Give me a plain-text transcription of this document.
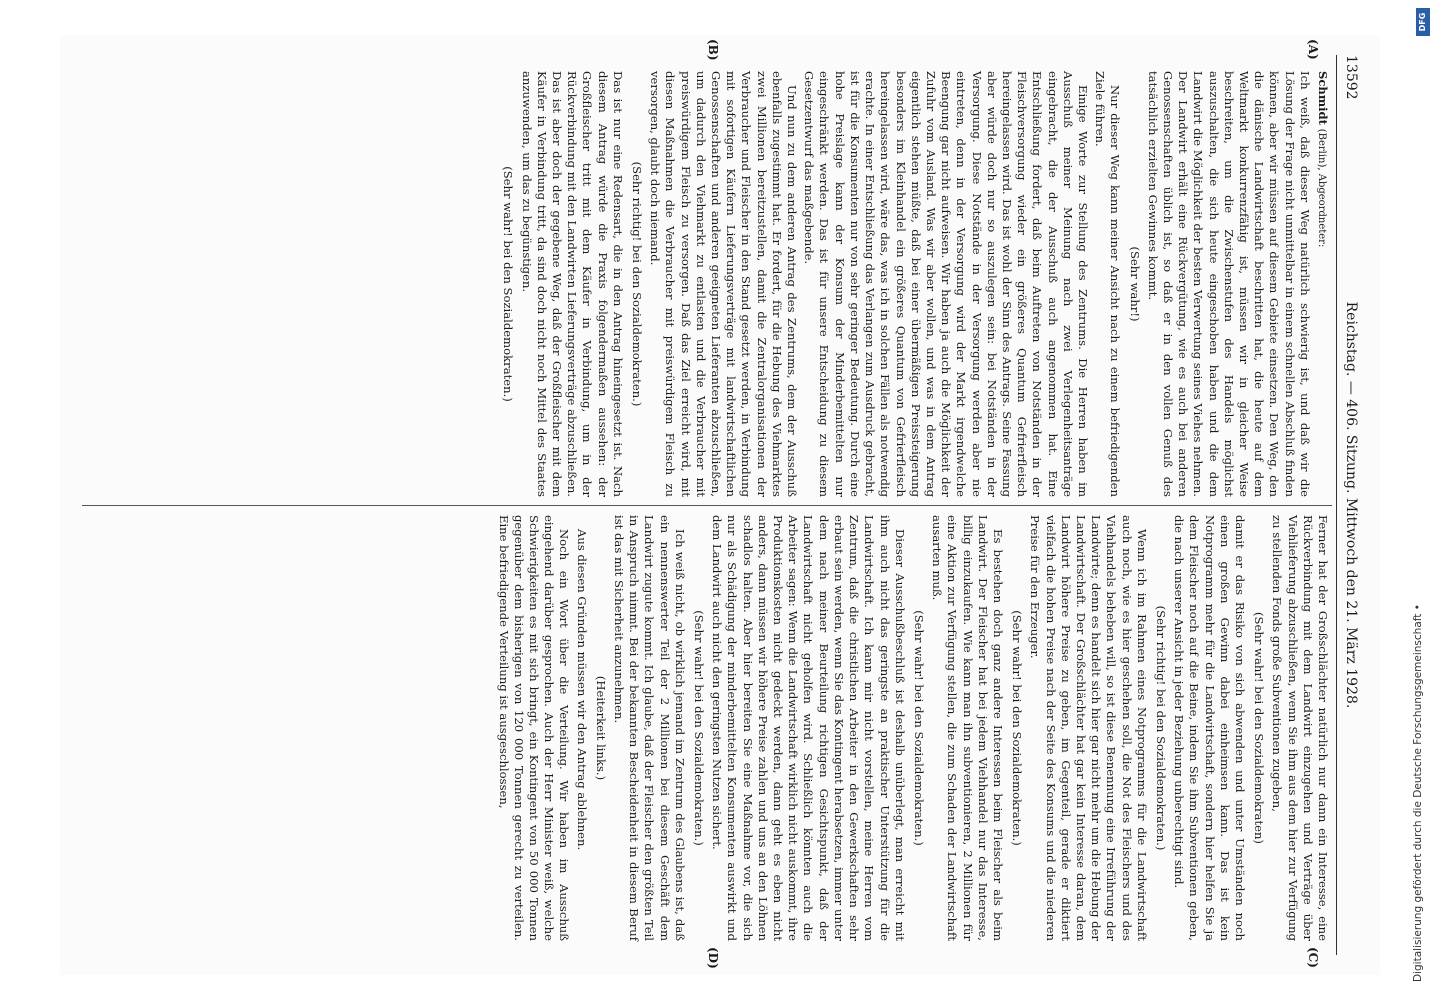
13592
Reichstag. — 406. Sitzung. Mittwoch den 21. März 1928.
(A)
(B)
(C)
(D)

Schmidt (Berlin), Abgeordneter:

Ich weiß, daß dieser Weg natürlich schwierig ist, und daß wir die Lösung der Frage nicht unmittelbar in einem schnellen Abschluß finden können, aber wir müssen auf diesem Gebiete einsetzen. Den Weg, den die dänische Landwirtschaft beschritten hat, die heute auf dem Weltmarkt konkurrenzfähig ist, müssen wir in gleicher Weise beschreiten, um die Zwischenstufen des Handels möglichst auszuschalten, die sich heute eingeschoben haben und die dem Landwirt die Möglichkeit der besten Verwertung seines Viehes nehmen. Der Landwirt erhält eine Rückvergütung, wie es auch bei anderen Genossenschaften üblich ist, so daß er in den vollen Genuß des tatsächlich erzielten Gewinnes kommt.

(Sehr wahr!)

Nur dieser Weg kann meiner Ansicht nach zu einem befriedigenden Ziele führen.

Einige Worte zur Stellung des Zentrums. Die Herren haben im Ausschuß meiner Meinung nach zwei Verlegenheitsanträge eingebracht, die der Ausschuß auch angenommen hat. Eine Entschließung fordert, daß beim Auftreten von Notständen in der Fleischversorgung wieder ein größeres Quantum Gefrierfleisch hereingelassen wird. Das ist wohl der Sinn des Antrags. Seine Fassung aber würde doch nur so auszulegen sein: bei Notständen in der Versorgung. Diese Notstände in der Versorgung werden aber nie eintreten, denn in der Versorgung wird der Markt irgendwelche Beengung gar nicht aufweisen. Wir haben ja auch die Möglichkeit der Zufuhr vom Ausland. Was wir aber wollen, und was in dem Antrag eigentlich stehen müßte, daß bei einer übermäßigen Preissteigerung besonders im Kleinhandel ein größeres Quantum von Gefrierfleisch hereingelassen wird, wäre das, was ich in solchen Fällen als notwendig erachte. In einer Entschließung das Verlangen zum Ausdruck gebracht, ist für die Konsumenten nur von sehr geringer Bedeutung. Durch eine hohe Preislage kann der Konsum der Minderbemittelten nur eingeschränkt werden. Das ist für unsere Entscheidung zu diesem Gesetzentwurf das maßgebende.

Und nun zu dem anderen Antrag des Zentrums, dem der Ausschuß ebenfalls zugestimmt hat. Er fordert, für die Hebung des Viehmarktes zwei Millionen bereitzustellen, damit die Zentralorganisationen der Verbraucher und Fleischer in den Stand gesetzt werden, in Verbindung mit sofortigen Käufern Lieferungsverträge mit landwirtschaftlichen Genossenschaften und anderen geeigneten Lieferanten abzuschließen, um dadurch den Viehmarkt zu entlasten und die Verbraucher mit preiswürdigem Fleisch zu versorgen. Daß das Ziel erreicht wird, mit diesen Maßnahmen die Verbraucher mit preiswürdigem Fleisch zu versorgen, glaubt doch niemand.

(Sehr richtig! bei den Sozialdemokraten.)

Das ist nur eine Redensart, die in den Antrag hineingesetzt ist. Nach diesem Antrag würde die Praxis folgendermaßen aussehen: der Großfleischer tritt mit dem Käufer in Verbindung, um in der Rückverbindung mit den Landwirten Lieferungsverträge abzuschließen. Das ist aber doch der gegebene Weg, daß der Großfleischer mit dem Käufer in Verbindung tritt, da sind doch nicht noch Mittel des Staates anzuwenden, um das zu begünstigen.

(Sehr wahr! bei den Sozialdemokraten.)

Ferner hat der Großschlächter natürlich nur dann ein Interesse, eine Rückverbindung mit dem Landwirt einzugehen und Verträge über Viehlieferung abzuschließen, wenn Sie ihm aus dem hier zur Verfügung zu stellenden Fonds große Subventionen zugeben,

(Sehr wahr! bei den Sozialdemokraten)

damit er das Risiko von sich abwenden und unter Umständen noch einen großen Gewinn dabei einheimsen kann. Das ist kein Notprogramm mehr für die Landwirtschaft, sondern hier helfen Sie ja dem Fleischer noch auf die Beine, indem Sie ihm Subventionen geben, die nach unserer Ansicht in jeder Beziehung unberechtigt sind.

(Sehr richtig! bei den Sozialdemokraten.)

Wenn ich im Rahmen eines Notprogramms für die Landwirtschaft auch noch, wie es hier geschehen soll, die Not des Fleischers und des Viehhandels beheben will, so ist diese Benennung eine Irreführung der Landwirte; denn es handelt sich hier gar nicht mehr um die Hebung der Landwirtschaft. Der Großschlächter hat gar kein Interesse daran, dem Landwirt höhere Preise zu geben, im Gegenteil, gerade er diktiert vielfach die hohen Preise nach der Seite des Konsums und die niederen Preise für den Erzeuger.

(Sehr wahr! bei den Sozialdemokraten.)

Es bestehen doch ganz andere Interessen beim Fleischer als beim Landwirt. Der Fleischer hat bei jedem Viehhandel nur das Interesse, billig einzukaufen. Wie kann man ihn subventionieren, 2 Millionen für eine Aktion zur Verfügung stellen, die zum Schaden der Landwirtschaft ausarten muß.

(Sehr wahr! bei den Sozialdemokraten.)

Dieser Ausschußbeschluß ist deshalb unüberlegt, man erreicht mit ihm auch nicht das geringste an praktischer Unterstützung für die Landwirtschaft. Ich kann mir nicht vorstellen, meine Herren vom Zentrum, daß die christlichen Arbeiter in den Gewerkschaften sehr erbaut sein werden, wenn Sie das Kontingent herabsetzen, immer unter dem nach meiner Beurteilung richtigen Gesichtspunkt, daß der Landwirtschaft nicht geholfen wird. Schließlich könnten auch die Arbeiter sagen: Wenn die Landwirtschaft wirklich nicht auskommt, ihre Produktionskosten nicht gedeckt werden, dann geht es eben nicht anders, dann müssen wir höhere Preise zahlen und uns an den Löhnen schadlos halten. Aber hier bereiten Sie eine Maßnahme vor, die sich nur als Schädigung der minderbemittelten Konsumenten auswirkt und dem Landwirt auch nicht den geringsten Nutzen sichert.

(Sehr wahr! bei den Sozialdemokraten.)

Ich weiß nicht, ob wirklich jemand im Zentrum des Glaubens ist, daß ein nennenswerter Teil der 2 Millionen bei diesem Geschäft dem Landwirt zugute kommt. Ich glaube, daß der Fleischer den größten Teil in Anspruch nimmt. Bei der bekannten Bescheidenheit in diesem Beruf ist das mit Sicherheit anzunehmen.

(Heiterkeit links.)

Aus diesen Gründen müssen wir den Antrag ablehnen.

Noch ein Wort über die Verteilung. Wir haben im Ausschuß eingehend darüber gesprochen. Auch der Herr Minister weiß, welche Schwierigkeiten es mit sich bringt, ein Kontingent von 50 000 Tonnen gegenüber dem bisherigen von 120 000 Tonnen gerecht zu verteilen. Eine befriedigende Verteilung ist ausgeschlossen,	Digitalisierung gefördert durch die Deutsche Forschungsgemeinschaft •
DFG
